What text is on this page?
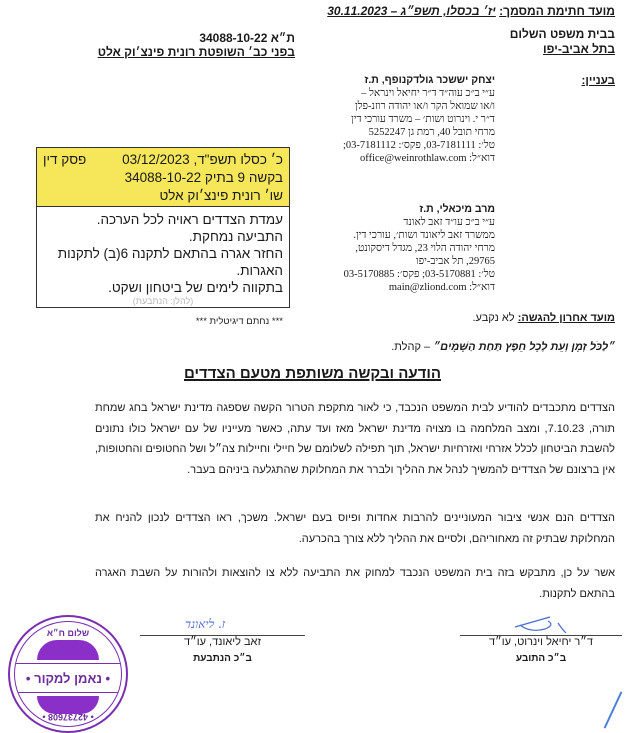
מועד חתימת המסמך: יז׳ בכסלו, תשפ״ג – 30.11.2023
בבית משפט השלום
בתל אביב-יפו
ת״א 34088-10-22
בפני כב׳ השופטת רונית פינצ׳וק אלט
בעניין:
יצחק יששכר גולדקנופף, ת.ז
ע״י ב״כ עוה״ד ד״ר יחיאל וינראל –
ו/או שמואל הקר ו/או יהודה רוזנ-פלן
ד״ר י. וינרוט ושות׳ – משרד עורכי דין
מרחי תובל 40, רמת גן 5252247
טל׳: 03-7181111, פקס׳: 03-7181112;
דוא״ל: office@weinrothlaw.com
מרב מיכאלי, ת.ז
ע״י ב״כ עו״ד זאב לאונד
ממשרד זאב ליאונד ושות׳, עורכי דין.
מרחי יהודה הלוי 23, מגדל דיסקונט,
29765, תל אביב-יפו
טל׳: 03-5170881; פקס׳: 03-5170885
דוא״ל: main@zliond.com
פסק דין	כ׳ כסלו תשפ"ד, 03/12/2023
בקשה 9 בתיק 34088-10-22
שו׳ רונית פינצ׳וק אלט
עמדת הצדדים ראויה לכל הערכה.
התביעה נמחקת.
החזר אגרה בהתאם לתקנה 6(ב) לתקנות האגרות.
בתקווה לימים של ביטחון ושקט.
(להלן: הנתבעת)
*** נחתם דיגיטלית ***	מועד אחרון להגשה: לא נקבע.
״לַכֹּל זְמָן וְעֵת לְכָל חֵפֶץ תַּחַת הַשָּׁמָיִם״ – קהלת.
הודעה ובקשה משותפת מטעם הצדדים
הצדדים מתכבדים להודיע לבית המשפט הנכבד, כי לאור מתקפת הטרור הקשה שספגה מדינת ישראל בחג שמחת תורה, 7.10.23, ומצב המלחמה בו מצויה מדינת ישראל מאז ועד עתה, כאשר מעייניו של עם ישראל כולו נתונים להשבת הביטחון לכלל אזרחי ואזרחיות ישראל, תוך תפילה לשלומם של חיילי וחיילות צה״ל ושל החטופים והחטופות, אין ברצונם של הצדדים להמשיך לנהל את ההליך ולברר את המחלוקת שהתגלעה ביניהם בעבר.
הצדדים הנם אנשי ציבור המעוניינים להרבות אחדות ופיוס בעם ישראל. משכך, ראו הצדדים לנכון להניח את המחלוקת שבתיק זה מאחוריהם, ולסיים את ההליך ללא צורך בהכרעה.
אשר על כן, מתבקש בזה בית המשפט הנכבד למחוק את התביעה ללא צו להוצאות ולהורות על השבת האגרה בהתאם לתקנות.
ד״ר יחיאל וינרוט, עו״ד
ב״כ התובע
ז. ליאונד
זאב ליאונד, עו״ד
ב״כ הנתבעת
שלום ח״א
• נאמן למקור •
• 42737608 •
